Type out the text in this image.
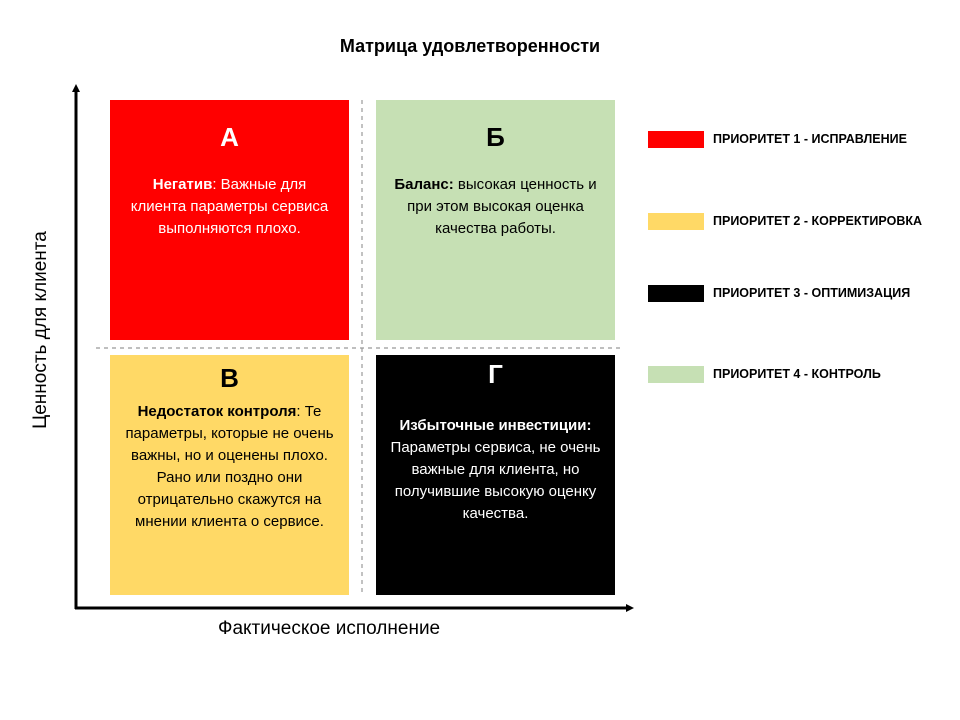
Матрица удовлетворенности
Ценность для клиента
Фактическое исполнение
А
Негатив: Важные для клиента параметры сервиса выполняются плохо.
Б
Баланс: высокая ценность и при этом высокая оценка качества работы.
В
Недостаток контроля: Те параметры, которые не очень важны, но и оценены плохо. Рано или поздно они отрицательно скажутся на мнении клиента о сервисе.
Г
Избыточные инвестиции: Параметры сервиса, не очень важные для клиента, но получившие высокую оценку качества.
ПРИОРИТЕТ 1 - ИСПРАВЛЕНИЕ
ПРИОРИТЕТ 2 - КОРРЕКТИРОВКА
ПРИОРИТЕТ 3 - ОПТИМИЗАЦИЯ
ПРИОРИТЕТ 4 - КОНТРОЛЬ
